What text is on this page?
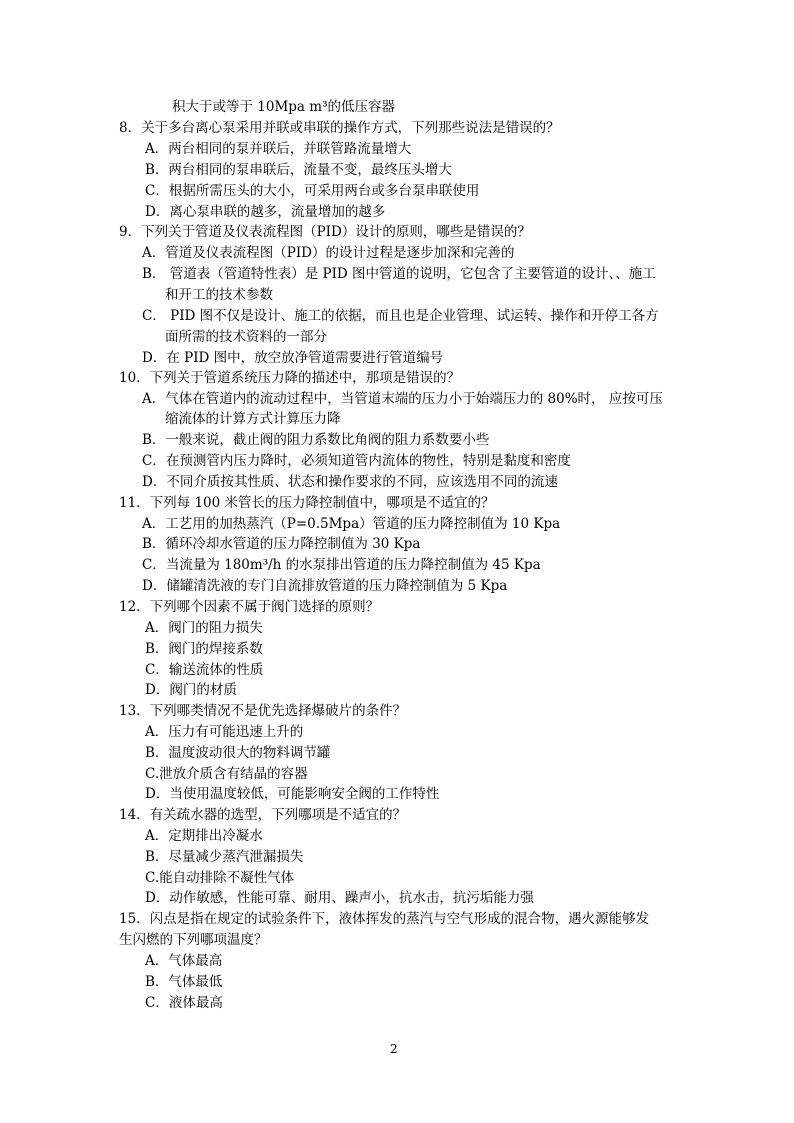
积大于或等于 10Mpa m³的低压容器
8．关于多台离心泵采用并联或串联的操作方式，下列那些说法是错误的？
A．两台相同的泵并联后，并联管路流量增大
B．两台相同的泵串联后，流量不变，最终压头增大
C．根据所需压头的大小，可采用两台或多台泵串联使用
D．离心泵串联的越多，流量增加的越多
9．下列关于管道及仪表流程图（PID）设计的原则，哪些是错误的？
A．管道及仪表流程图（PID）的设计过程是逐步加深和完善的
B． 管道表（管道特性表）是 PID 图中管道的说明，它包含了主要管道的设计、、施工
和开工的技术参数
C． PID 图不仅是设计、施工的依据，而且也是企业管理、试运转、操作和开停工各方
面所需的技术资料的一部分
D．在 PID 图中，放空放净管道需要进行管道编号
10．下列关于管道系统压力降的描述中，那项是错误的？
A．气体在管道内的流动过程中，当管道末端的压力小于始端压力的 80%时， 应按可压
缩流体的计算方式计算压力降
B．一般来说，截止阀的阻力系数比角阀的阻力系数要小些
C．在预测管内压力降时，必须知道管内流体的物性，特别是黏度和密度
D．不同介质按其性质、状态和操作要求的不同，应该选用不同的流速
11．下列每 100 米管长的压力降控制值中，哪项是不适宜的？
A．工艺用的加热蒸汽（P=0.5Mpa）管道的压力降控制值为 10 Kpa
B．循环冷却水管道的压力降控制值为 30 Kpa
C．当流量为 180m³/h 的水泵排出管道的压力降控制值为 45 Kpa
D．储罐清洗液的专门自流排放管道的压力降控制值为 5 Kpa
12．下列哪个因素不属于阀门选择的原则？
A．阀门的阻力损失
B．阀门的焊接系数
C．输送流体的性质
D．阀门的材质
13．下列哪类情况不是优先选择爆破片的条件？
A．压力有可能迅速上升的
B．温度波动很大的物料调节罐
C.泄放介质含有结晶的容器
D．当使用温度较低，可能影响安全阀的工作特性
14．有关疏水器的选型，下列哪项是不适宜的？
A．定期排出冷凝水
B．尽量减少蒸汽泄漏损失
C.能自动排除不凝性气体
D．动作敏感，性能可靠、耐用、躁声小，抗水击，抗污垢能力强
15．闪点是指在规定的试验条件下，液体挥发的蒸汽与空气形成的混合物，遇火源能够发
生闪燃的下列哪项温度？
A．气体最高
B．气体最低
C．液体最高
2
